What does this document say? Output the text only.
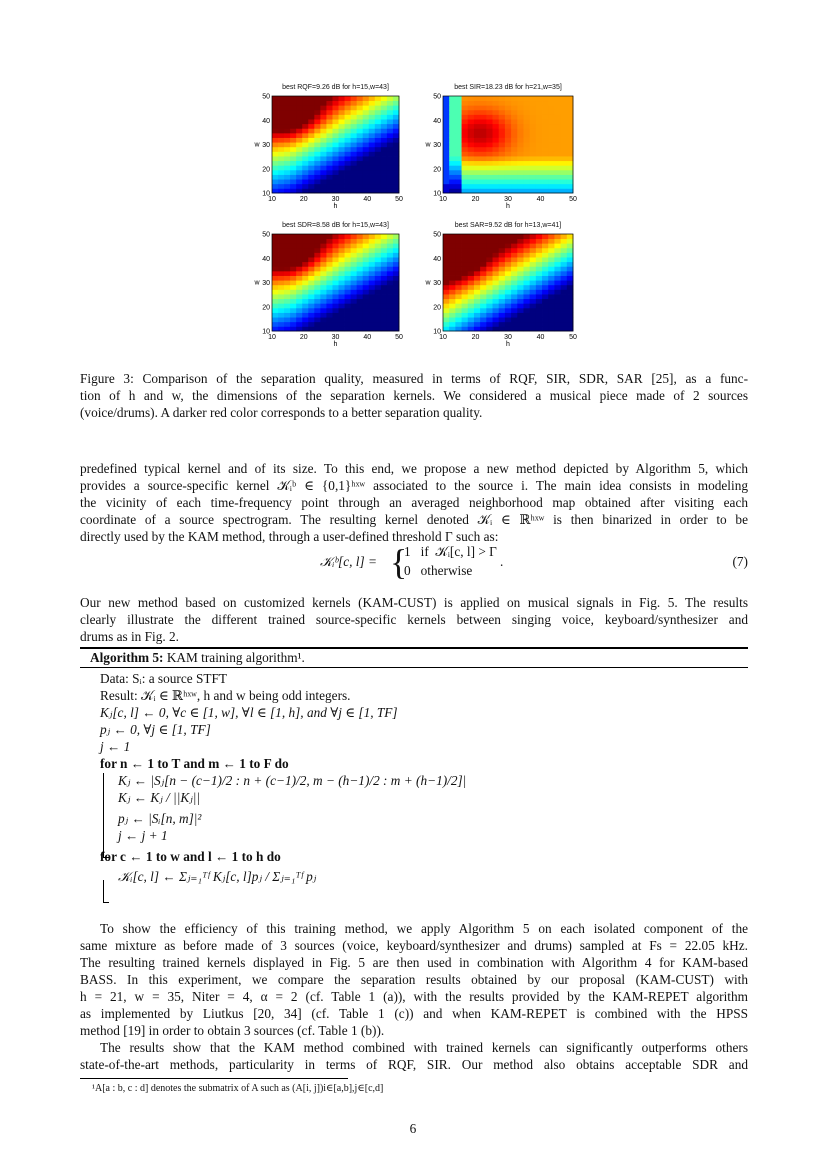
best RQF=9.26 dB for h=15,w=43]
10	20	30	40	50
10
20
30
40
50
h
w
best SIR=18.23 dB for h=21,w=35]
10	20	30	40	50
10
20
30
40
50
h
w
best SDR=8.58 dB for h=15,w=43]
10	20	30	40	50
10
20
30
40
50
h
w
best SAR=9.52 dB for h=13,w=41]
10	20	30	40	50
10
20
30
40
50
h
w
Figure 3: Comparison of the separation quality, measured in terms of RQF, SIR, SDR, SAR [25], as a func-
tion of h and w, the dimensions of the separation kernels. We considered a musical piece made of 2 sources
(voice/drums). A darker red color corresponds to a better separation quality.
predefined typical kernel and of its size. To this end, we propose a new method depicted by Algorithm 5, which
provides a source-specific kernel 𝒦ᵢᵇ ∈ {0,1}ʰˣʷ associated to the source i. The main idea consists in modeling
the vicinity of each time-frequency point through an averaged neighborhood map obtained after visiting each
coordinate of a source spectrogram. The resulting kernel denoted 𝒦ᵢ ∈ ℝʰˣʷ is then binarized in order to be
directly used by the KAM method, through a user-defined threshold Γ such as:
𝒦ᵢᵇ[c, l] = {
1   if  𝒦ᵢ[c, l] > Γ
0   otherwise
.	(7)
Our new method based on customized kernels (KAM-CUST) is applied on musical signals in Fig. 5. The results
clearly illustrate the different trained source-specific kernels between singing voice, keyboard/synthesizer and
drums as in Fig. 2.
Algorithm 5: KAM training algorithm¹.
Data: Sᵢ: a source STFT
Result: 𝒦ᵢ ∈ ℝʰˣʷ, h and w being odd integers.
Kⱼ[c, l] ← 0, ∀c ∈ [1, w], ∀l ∈ [1, h], and ∀j ∈ [1, TF]
pⱼ ← 0, ∀j ∈ [1, TF]
j ← 1
for n ← 1 to T and m ← 1 to F do
Kⱼ ← |Sⱼ[n − (c−1)/2 : n + (c−1)/2, m − (h−1)/2 : m + (h−1)/2]|
Kⱼ ← Kⱼ / ||Kⱼ||
pⱼ ← |Sᵢ[n, m]|²
j ← j + 1
for c ← 1 to w and l ← 1 to h do
𝒦ᵢ[c, l] ← Σⱼ₌₁ᵀᶠ Kⱼ[c, l]pⱼ / Σⱼ₌₁ᵀᶠ pⱼ
To show the efficiency of this training method, we apply Algorithm 5 on each isolated component of the
same mixture as before made of 3 sources (voice, keyboard/synthesizer and drums) sampled at Fs = 22.05 kHz.
The resulting trained kernels displayed in Fig. 5 are then used in combination with Algorithm 4 for KAM-based
BASS. In this experiment, we compare the separation results obtained by our proposal (KAM-CUST) with
h = 21, w = 35, Niter = 4, α = 2 (cf. Table 1 (a)), with the results provided by the KAM-REPET algorithm
as implemented by Liutkus [20, 34] (cf. Table 1 (c)) and when KAM-REPET is combined with the HPSS
method [19] in order to obtain 3 sources (cf. Table 1 (b)).
The results show that the KAM method combined with trained kernels can significantly outperforms others
state-of-the-art methods, particularity in terms of RQF, SIR. Our method also obtains acceptable SDR and
¹A[a : b, c : d] denotes the submatrix of A such as (A[i, j])i∈[a,b],j∈[c,d]
6
